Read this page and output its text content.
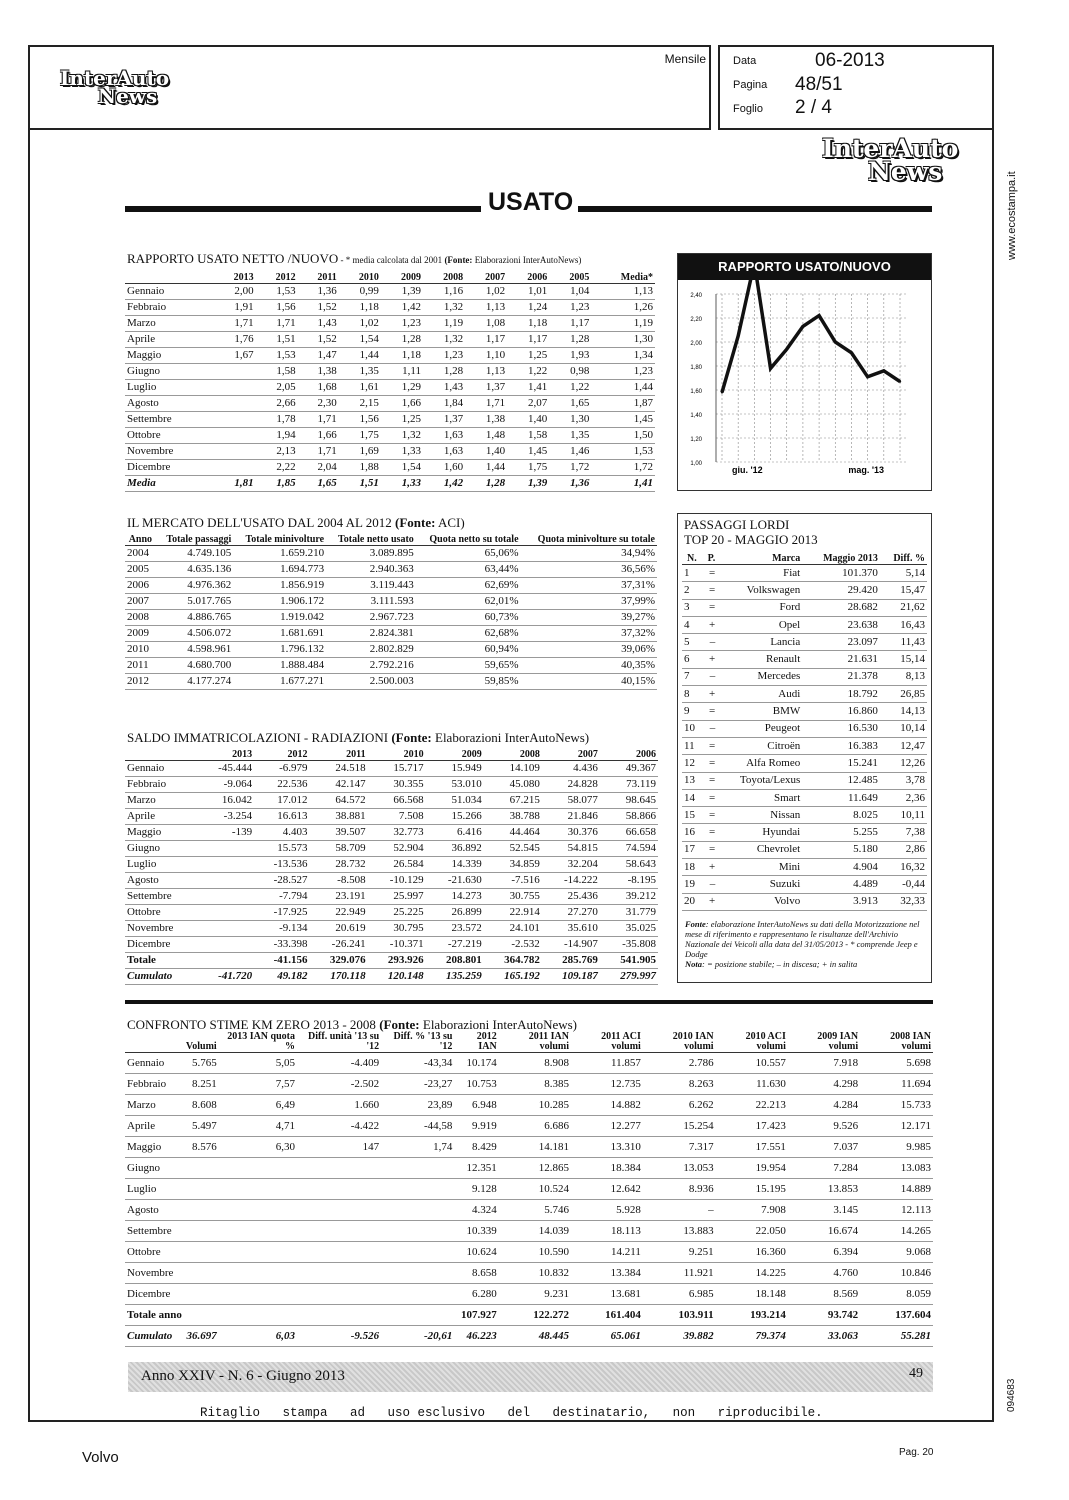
InterAuto
News
Mensile Data	06-2013
Pagina 48/51
Foglio 2 / 4
www.ecostampa.it
094683
InterAuto
News
USATO
RAPPORTO USATO NETTO /NUOVO - * media calcolata dal 2001 (Fonte: Elaborazioni InterAutoNews)
	2013	2012	2011	2010	2009	2008	2007	2006	2005	Media*
Gennaio	2,00	1,53	1,36	0,99	1,39	1,16	1,02	1,01	1,04	1,13
Febbraio	1,91	1,56	1,52	1,18	1,42	1,32	1,13	1,24	1,23	1,26
Marzo	1,71	1,71	1,43	1,02	1,23	1,19	1,08	1,18	1,17	1,19
Aprile	1,76	1,51	1,52	1,54	1,28	1,32	1,17	1,17	1,28	1,30
Maggio	1,67	1,53	1,47	1,44	1,18	1,23	1,10	1,25	1,93	1,34
Giugno		1,58	1,38	1,35	1,11	1,28	1,13	1,22	0,98	1,23
Luglio		2,05	1,68	1,61	1,29	1,43	1,37	1,41	1,22	1,44
Agosto		2,66	2,30	2,15	1,66	1,84	1,71	2,07	1,65	1,87
Settembre		1,78	1,71	1,56	1,25	1,37	1,38	1,40	1,30	1,45
Ottobre		1,94	1,66	1,75	1,32	1,63	1,48	1,58	1,35	1,50
Novembre		2,13	1,71	1,69	1,33	1,63	1,40	1,45	1,46	1,53
Dicembre		2,22	2,04	1,88	1,54	1,60	1,44	1,75	1,72	1,72
Media	1,81	1,85	1,65	1,51	1,33	1,42	1,28	1,39	1,36	1,41
RAPPORTO USATO/NUOVO
2,40
2,20
2,00
1,80
1,60
1,40
1,20
1,00
giu. '12	mag. '13
IL MERCATO DELL'USATO DAL 2004 AL 2012 (Fonte: ACI)
Anno	Totale passaggi	Totale minivolture	Totale netto usato	Quota netto su totale	Quota minivolture su totale
2004	4.749.105	1.659.210	3.089.895	65,06%	34,94%
2005	4.635.136	1.694.773	2.940.363	63,44%	36,56%
2006	4.976.362	1.856.919	3.119.443	62,69%	37,31%
2007	5.017.765	1.906.172	3.111.593	62,01%	37,99%
2008	4.886.765	1.919.042	2.967.723	60,73%	39,27%
2009	4.506.072	1.681.691	2.824.381	62,68%	37,32%
2010	4.598.961	1.796.132	2.802.829	60,94%	39,06%
2011	4.680.700	1.888.484	2.792.216	59,65%	40,35%
2012	4.177.274	1.677.271	2.500.003	59,85%	40,15%
SALDO IMMATRICOLAZIONI - RADIAZIONI (Fonte: Elaborazioni InterAutoNews)
	2013	2012	2011	2010	2009	2008	2007	2006
Gennaio	-45.444	-6.979	24.518	15.717	15.949	14.109	4.436	49.367
Febbraio	-9.064	22.536	42.147	30.355	53.010	45.080	24.828	73.119
Marzo	16.042	17.012	64.572	66.568	51.034	67.215	58.077	98.645
Aprile	-3.254	16.613	38.881	7.508	15.266	38.788	21.846	58.866
Maggio	-139	4.403	39.507	32.773	6.416	44.464	30.376	66.658
Giugno		15.573	58.709	52.904	36.892	52.545	54.815	74.594
Luglio		-13.536	28.732	26.584	14.339	34.859	32.204	58.643
Agosto		-28.527	-8.508	-10.129	-21.630	-7.516	-14.222	-8.195
Settembre		-7.794	23.191	25.997	14.273	30.755	25.436	39.212
Ottobre		-17.925	22.949	25.225	26.899	22.914	27.270	31.779
Novembre		-9.134	20.619	30.795	23.572	24.101	35.610	35.025
Dicembre		-33.398	-26.241	-10.371	-27.219	-2.532	-14.907	-35.808
Totale		-41.156	329.076	293.926	208.801	364.782	285.769	541.905
Cumulato	-41.720	49.182	170.118	120.148	135.259	165.192	109.187	279.997
PASSAGGI LORDI
TOP 20 - MAGGIO 2013
N.	P.	Marca	Maggio 2013	Diff. %
1	=	Fiat	101.370	5,14
2	=	Volkswagen	29.420	15,47
3	=	Ford	28.682	21,62
4	+	Opel	23.638	16,43
5	–	Lancia	23.097	11,43
6	+	Renault	21.631	15,14
7	–	Mercedes	21.378	8,13
8	+	Audi	18.792	26,85
9	=	BMW	16.860	14,13
10	–	Peugeot	16.530	10,14
11	=	Citroën	16.383	12,47
12	=	Alfa Romeo	15.241	12,26
13	=	Toyota/Lexus	12.485	3,78
14	=	Smart	11.649	2,36
15	=	Nissan	8.025	10,11
16	=	Hyundai	5.255	7,38
17	=	Chevrolet	5.180	2,86
18	+	Mini	4.904	16,32
19	–	Suzuki	4.489	-0,44
20	+	Volvo	3.913	32,33
Fonte: elaborazione InterAutoNews su dati della Motorizzazione nel mese di riferimento e rappresentano le risultanze dell'Archivio Nazionale dei Veicoli alla data del 31/05/2013 - * comprende Jeep e Dodge
Nota: = posizione stabile; – in discesa; + in salita
CONFRONTO STIME KM ZERO 2013 - 2008 (Fonte: Elaborazioni InterAutoNews)
	Volumi	2013 IAN quota %	Diff. unità '13 su '12	Diff. % '13 su '12	2012 IAN	2011 IAN volumi	2011 ACI volumi	2010 IAN volumi	2010 ACI volumi	2009 IAN volumi	2008 IAN volumi
Gennaio	5.765	5,05	-4.409	-43,34	10.174	8.908	11.857	2.786	10.557	7.918	5.698
Febbraio	8.251	7,57	-2.502	-23,27	10.753	8.385	12.735	8.263	11.630	4.298	11.694
Marzo	8.608	6,49	1.660	23,89	6.948	10.285	14.882	6.262	22.213	4.284	15.733
Aprile	5.497	4,71	-4.422	-44,58	9.919	6.686	12.277	15.254	17.423	9.526	12.171
Maggio	8.576	6,30	147	1,74	8.429	14.181	13.310	7.317	17.551	7.037	9.985
Giugno					12.351	12.865	18.384	13.053	19.954	7.284	13.083
Luglio					9.128	10.524	12.642	8.936	15.195	13.853	14.889
Agosto					4.324	5.746	5.928	–	7.908	3.145	12.113
Settembre					10.339	14.039	18.113	13.883	22.050	16.674	14.265
Ottobre					10.624	10.590	14.211	9.251	16.360	6.394	9.068
Novembre					8.658	10.832	13.384	11.921	14.225	4.760	10.846
Dicembre					6.280	9.231	13.681	6.985	18.148	8.569	8.059
Totale anno					107.927	122.272	161.404	103.911	193.214	93.742	137.604
Cumulato	36.697	6,03	-9.526	-20,61	46.223	48.445	65.061	39.882	79.374	33.063	55.281
Anno XXIV - N. 6 - Giugno 2013	49
Ritaglio   stampa   ad   uso esclusivo   del   destinatario,   non   riproducibile.
Volvo	Pag. 20
